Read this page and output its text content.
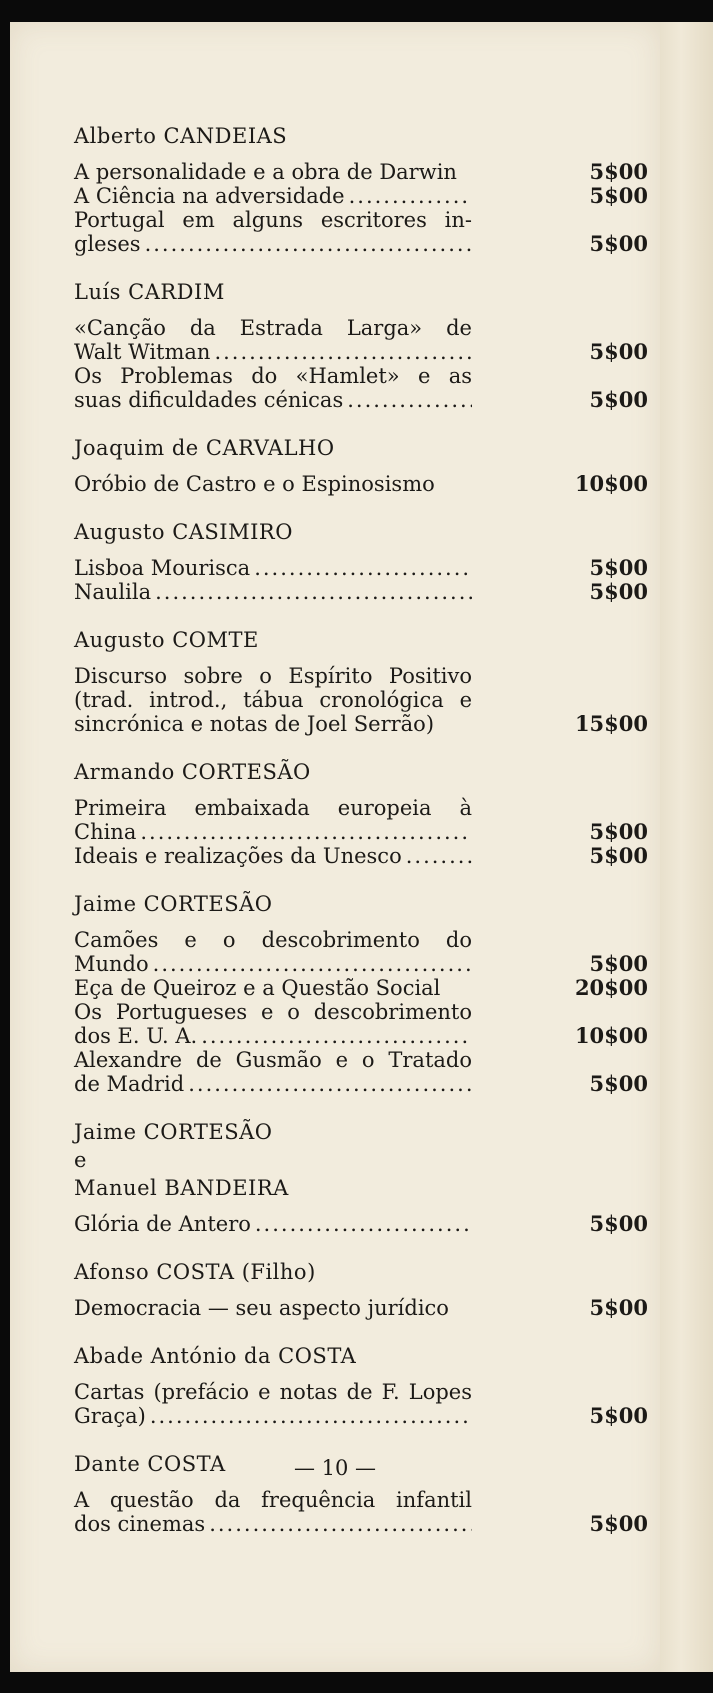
Alberto CANDEIAS
A personalidade e a obra de Darwin	5$00
A Ciência na adversidade .....	5$00
Portugal em alguns escritores in-
gleses .....	5$00
Luís CARDIM
«Canção da Estrada Larga» de
Walt Witman .....	5$00
Os Problemas do «Hamlet» e as
suas dificuldades cénicas .....	5$00
Joaquim de CARVALHO
Oróbio de Castro e o Espinosismo	10$00
Augusto CASIMIRO
Lisboa Mourisca .....	5$00
Naulila .....	5$00
Augusto COMTE
Discurso sobre o Espírito Positivo
(trad. introd., tábua cronológica e
sincrónica e notas de Joel Serrão)	15$00
Armando CORTESÃO
Primeira embaixada europeia à
China .....	5$00
Ideais e realizações da Unesco .....	5$00
Jaime CORTESÃO
Camões e o descobrimento do
Mundo .....	5$00
Eça de Queiroz e a Questão Social	20$00
Os Portugueses e o descobrimento
dos E. U. A. .....	10$00
Alexandre de Gusmão e o Tratado
de Madrid .....	5$00
Jaime CORTESÃO
e
Manuel BANDEIRA
Glória de Antero .....	5$00
Afonso COSTA (Filho)
Democracia — seu aspecto jurídico	5$00
Abade António da COSTA
Cartas (prefácio e notas de F. Lopes
Graça) .....	5$00
Dante COSTA
A questão da frequência infantil
dos cinemas .....	5$00
— 10 —
